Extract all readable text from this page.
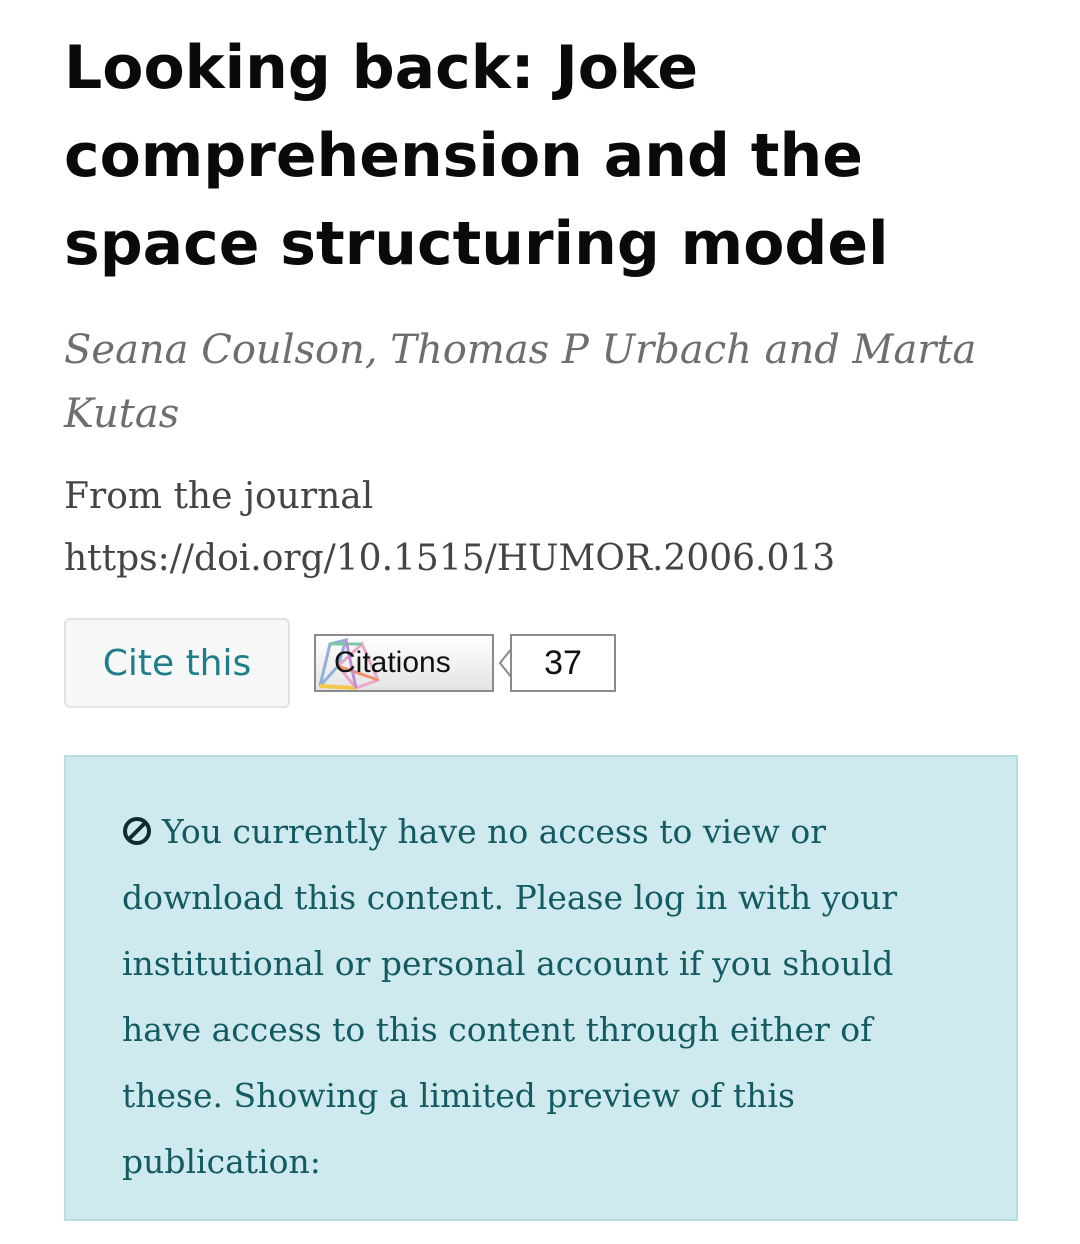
Looking back: Joke comprehension and the space structuring model
Seana Coulson, Thomas P Urbach and Marta Kutas
From the journal
https://doi.org/10.1515/HUMOR.2006.013
Cite this	Citations	37
You currently have no access to view or download this content. Please log in with your institutional or personal account if you should have access to this content through either of these. Showing a limited preview of this publication:
